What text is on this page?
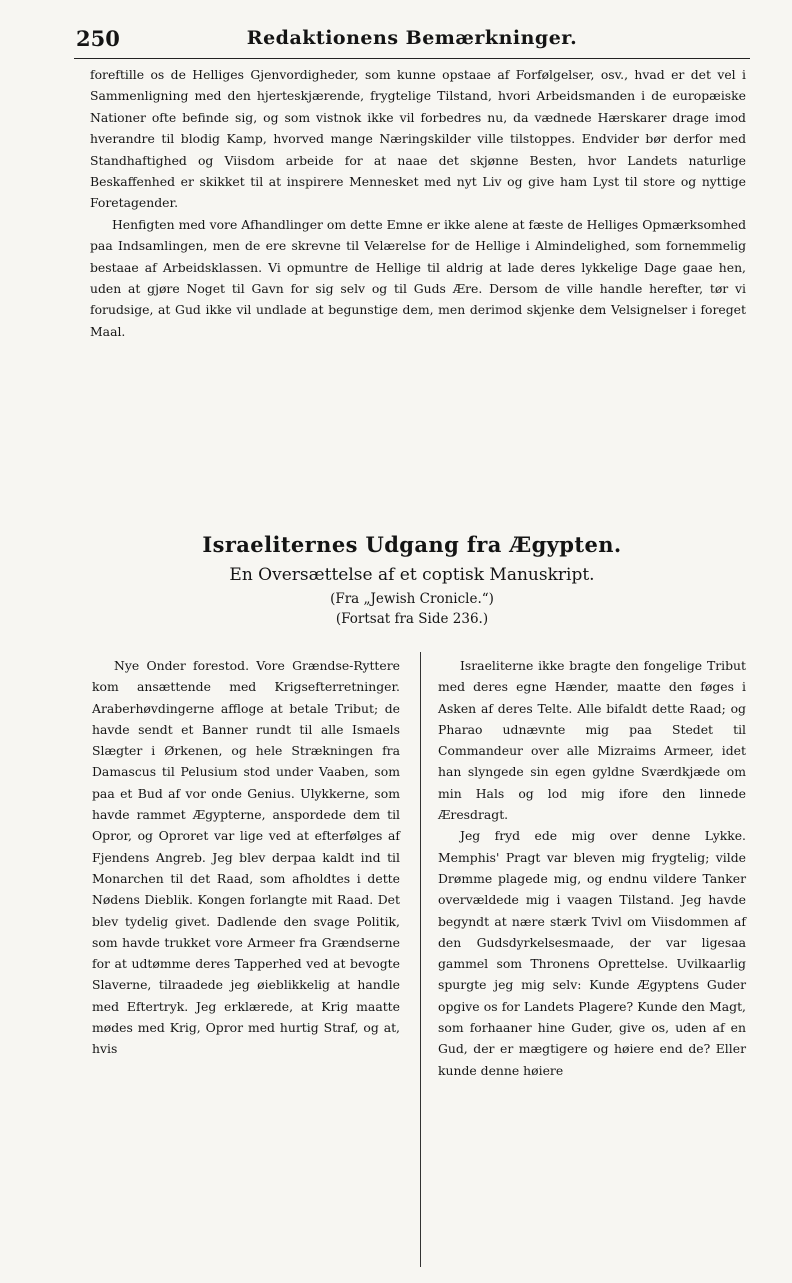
250	Redaktionens Bemærkninger.

foreftille os de Helliges Gjenvordigheder, som kunne opstaae af Forfølgelser, osv., hvad er det vel i Sammenligning med den hjerteskjærende, frygtelige Tilstand, hvori Arbeidsmanden i de europæiske Nationer ofte befinde sig, og som vistnok ikke vil forbedres nu, da vædnede Hærskarer drage imod hverandre til blodig Kamp, hvorved mange Næringskilder ville tilstoppes. Endvider bør derfor med Standhaftighed og Viisdom arbeide for at naae det skjønne Besten, hvor Landets naturlige Beskaffenhed er skikket til at inspirere Mennesket med nyt Liv og give ham Lyst til store og nyttige Foretagender.

Henfigten med vore Afhandlinger om dette Emne er ikke alene at fæste de Helliges Opmærksomhed paa Indsamlingen, men de ere skrevne til Velærelse for de Hellige i Almindelighed, som fornemmelig bestaae af Arbeidsklassen. Vi opmuntre de Hellige til aldrig at lade deres lykkelige Dage gaae hen, uden at gjøre Noget til Gavn for sig selv og til Guds Ære. Dersom de ville handle herefter, tør vi forudsige, at Gud ikke vil undlade at begunstige dem, men derimod skjenke dem Velsignelser i foreget Maal.

Israeliternes Udgang fra Ægypten.
En Oversættelse af et coptisk Manuskript.
(Fra „Jewish Cronicle.“)
(Fortsat fra Side 236.)

Nye Onder forestod. Vore Grændse-Ryttere kom ansættende med Krigsefterretninger. Araberhøvdingerne affloge at betale Tribut; de havde sendt et Banner rundt til alle Ismaels Slægter i Ørkenen, og hele Strækningen fra Damascus til Pelusium stod under Vaaben, som paa et Bud af vor onde Genius. Ulykkerne, som havde rammet Ægypterne, anspordede dem til Opror, og Oproret var lige ved at efterfølges af Fjendens Angreb. Jeg blev derpaa kaldt ind til Monarchen til det Raad, som afholdtes i dette Nødens Dieblik. Kongen forlangte mit Raad. Det blev tydelig givet. Dadlende den svage Politik, som havde trukket vore Armeer fra Grændserne for at udtømme deres Tapperhed ved at bevogte Slaverne, tilraadede jeg øieblikkelig at handle med Eftertryk. Jeg erklærede, at Krig maatte mødes med Krig, Opror med hurtig Straf, og at, hvis

Israeliterne ikke bragte den fongelige Tribut med deres egne Hænder, maatte den føges i Asken af deres Telte. Alle bifaldt dette Raad; og Pharao udnævnte mig paa Stedet til Commandeur over alle Mizraims Armeer, idet han slyngede sin egen gyldne Sværdkjæde om min Hals og lod mig ifore den linnede Æresdragt.

Jeg fryd ede mig over denne Lykke. Memphis' Pragt var bleven mig frygtelig; vilde Drømme plagede mig, og endnu vildere Tanker overvældede mig i vaagen Tilstand. Jeg havde begyndt at nære stærk Tvivl om Viisdommen af den Gudsdyrkelsesmaade, der var ligesaa gammel som Thronens Oprettelse. Uvilkaarlig spurgte jeg mig selv: Kunde Ægyptens Guder opgive os for Landets Plagere? Kunde den Magt, som forhaaner hine Guder, give os, uden af en Gud, der er mægtigere og høiere end de? Eller kunde denne høiere
